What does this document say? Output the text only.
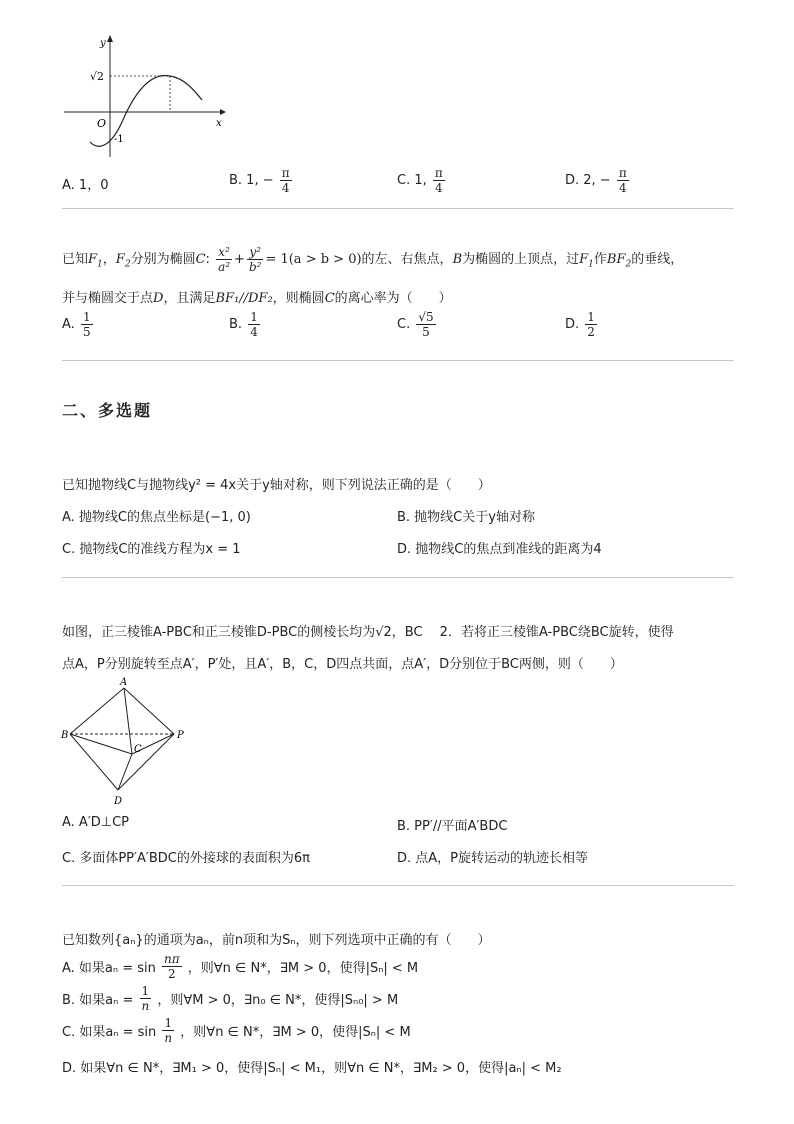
y
x
O
√2
-1
A. 1，0	B. 1, − $\frac{\pi}{4}$	C. 1, $\frac{\pi}{4}$	D. 2, − $\frac{\pi}{4}$
已知$F_1$，$F_2$分别为椭圆C: $\frac{\text{x²}}{\text{a²}} + \frac{\text{y²}}{\text{b²}} = 1(a > b > 0)$的左、右焦点，B为椭圆的上顶点，过$F_1$作$BF_2$的垂线，
并与椭圆交于点D，且满足BF₁//DF₂，则椭圆C的离心率为（　　）
A. $\frac{1}{5}$	B. $\frac{1}{4}$	C. $\frac{√5}{5}$	D. $\frac{1}{2}$
二、多选题
已知抛物线C与抛物线y² = 4x关于y轴对称，则下列说法正确的是（　　）
A. 抛物线C的焦点坐标是(−1, 0)	B. 抛物线C关于y轴对称
C. 抛物线C的准线方程为x = 1	D. 抛物线C的焦点到准线的距离为4
如图，正三棱锥A-PBC和正三棱锥D-PBC的侧棱长均为√2，BC　 2．若将正三棱锥A-PBC绕BC旋转，使得
点A，P分别旋转至点A′，P′处，且A′，B，C，D四点共面，点A′，D分别位于BC两侧，则（　　）
A
B
C
P
D
A. A′D⊥CP	B. PP′//平面A′BDC
C. 多面体PP′A′BDC的外接球的表面积为6π	D. 点A，P旋转运动的轨迹长相等
已知数列{aₙ}的通项为aₙ，前n项和为Sₙ，则下列选项中正确的有（　　）
A. 如果$a_n = \sin \frac{n\pi}{2}$ ，则∀n ∈ N*，∃M > 0，使得|Sₙ| < M
B. 如果$a_n = \frac{1}{n}$ ，则∀M > 0，∃n₀ ∈ N*，使得|Sₙ₀| > M
C. 如果$a_n = \sin \frac{1}{n}$ ，则∀n ∈ N*，∃M > 0，使得|Sₙ| < M
D. 如果∀n ∈ N*，∃M₁ > 0，使得|Sₙ| < M₁，则∀n ∈ N*，∃M₂ > 0，使得|aₙ| < M₂
